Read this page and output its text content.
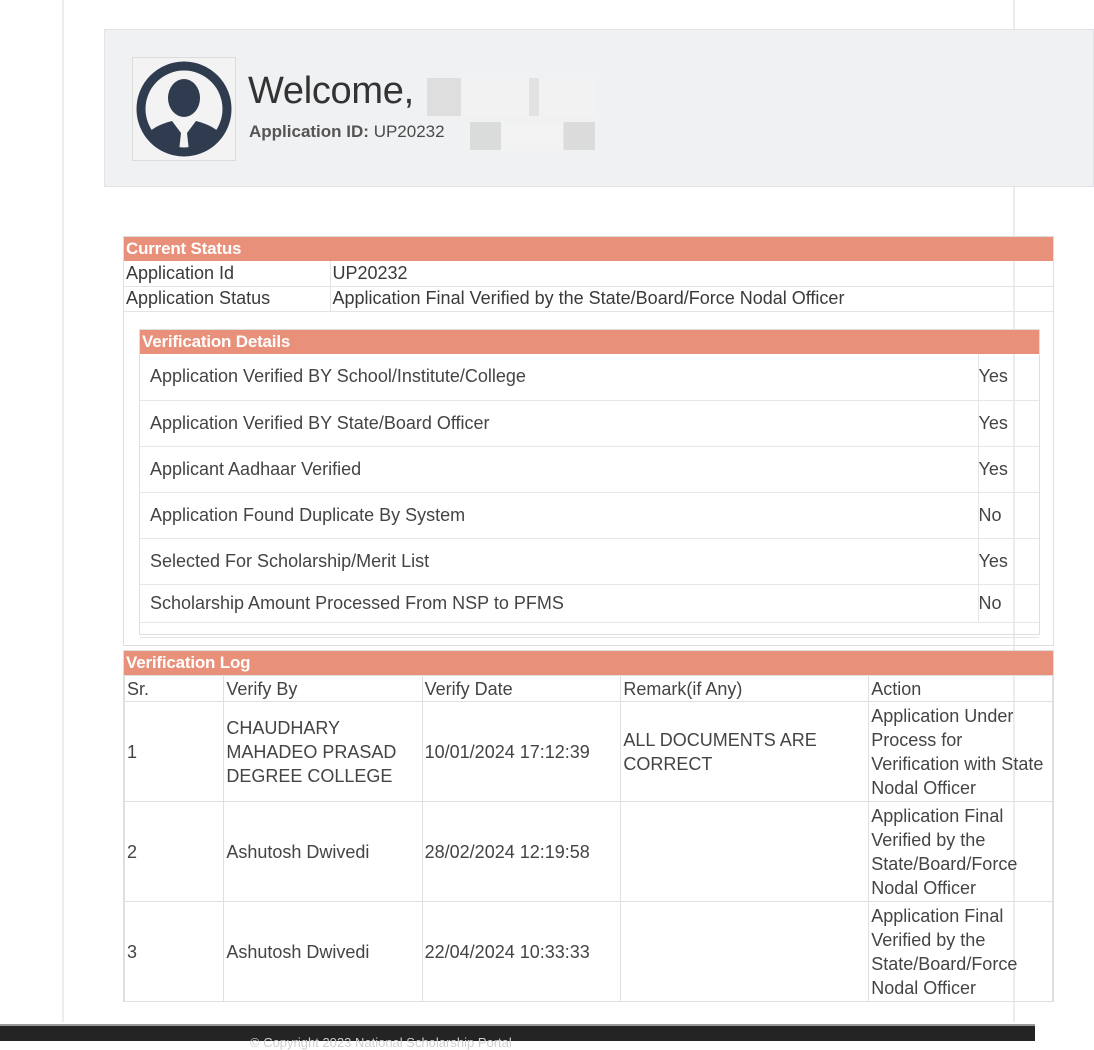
Welcome,
Application ID: UP20232
Current Status
Application Id	UP20232
Application Status	Application Final Verified by the State/Board/Force Nodal Officer
Verification Details
Application Verified BY School/Institute/College	Yes
Application Verified BY State/Board Officer	Yes
Applicant Aadhaar Verified	Yes
Application Found Duplicate By System	No
Selected For Scholarship/Merit List	Yes
Scholarship Amount Processed From NSP to PFMS	No

Verification Log
Sr.	Verify By	Verify Date	Remark(if Any)	Action
1	CHAUDHARY MAHADEO PRASAD DEGREE COLLEGE	10/01/2024 17:12:39	ALL DOCUMENTS ARE CORRECT	Application Under Process for Verification with State Nodal Officer
2	Ashutosh Dwivedi	28/02/2024 12:19:58		Application Final Verified by the State/Board/Force Nodal Officer
3	Ashutosh Dwivedi	22/04/2024 10:33:33		Application Final Verified by the State/Board/Force Nodal Officer
© Copyright 2023 National Scholarship Portal
